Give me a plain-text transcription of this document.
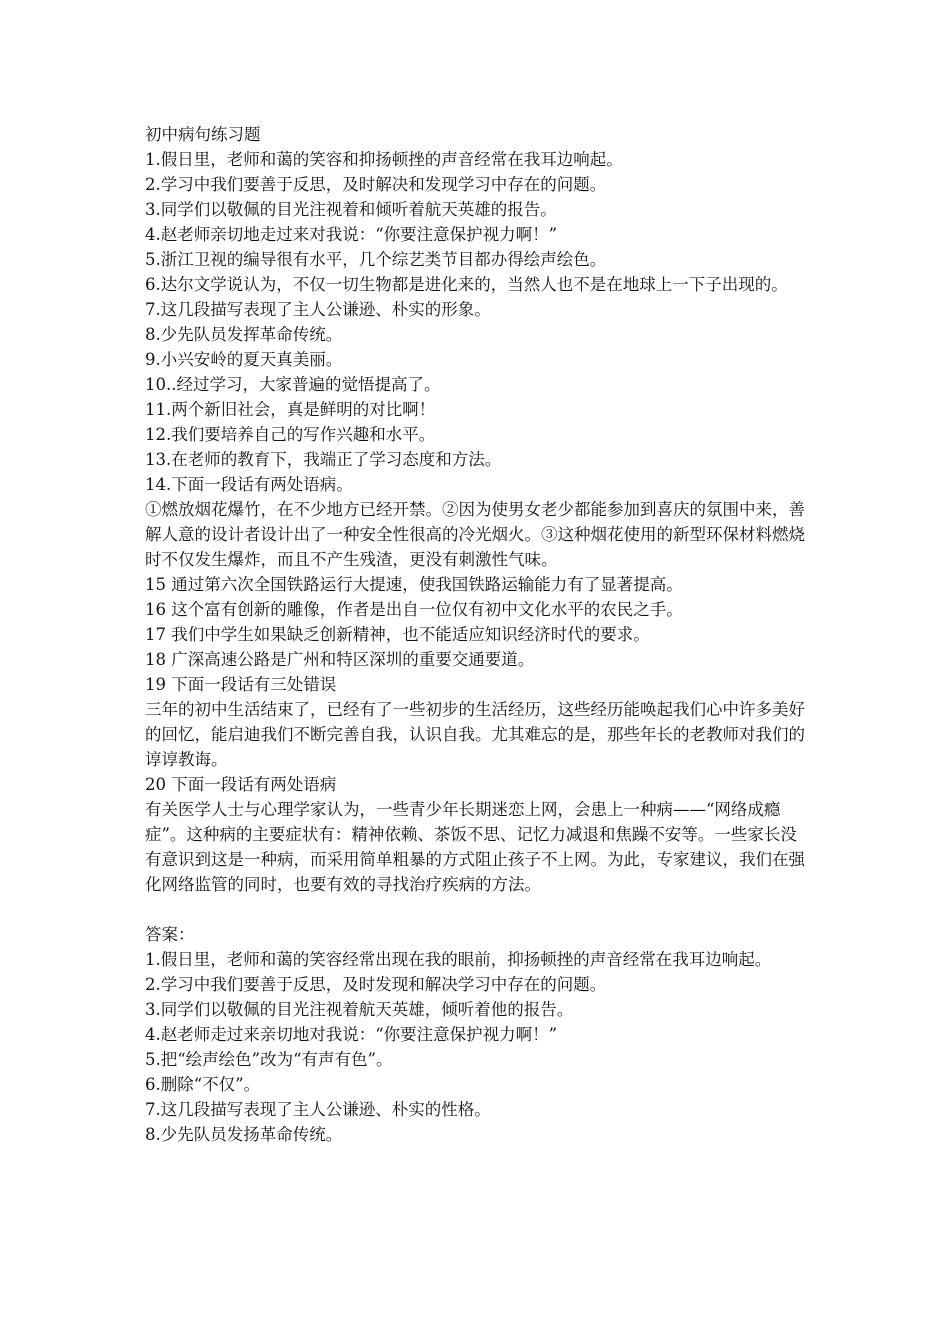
初中病句练习题

1.假日里，老师和蔼的笑容和抑扬顿挫的声音经常在我耳边响起。

2.学习中我们要善于反思，及时解决和发现学习中存在的问题。

3.同学们以敬佩的目光注视着和倾听着航天英雄的报告。

4.赵老师亲切地走过来对我说：“你要注意保护视力啊！”

5.浙江卫视的编导很有水平，几个综艺类节目都办得绘声绘色。

6.达尔文学说认为，不仅一切生物都是进化来的，当然人也不是在地球上一下子出现的。

7.这几段描写表现了主人公谦逊、朴实的形象。

8.少先队员发挥革命传统。

9.小兴安岭的夏天真美丽。

10..经过学习，大家普遍的觉悟提高了。

11.两个新旧社会，真是鲜明的对比啊！

12.我们要培养自己的写作兴趣和水平。

13.在老师的教育下，我端正了学习态度和方法。

14.下面一段话有两处语病。

①燃放烟花爆竹，在不少地方已经开禁。②因为使男女老少都能参加到喜庆的氛围中来，善解人意的设计者设计出了一种安全性很高的冷光烟火。③这种烟花使用的新型环保材料燃烧时不仅发生爆炸，而且不产生残渣，更没有刺激性气味。

15 通过第六次全国铁路运行大提速，使我国铁路运输能力有了显著提高。

16 这个富有创新的雕像，作者是出自一位仅有初中文化水平的农民之手。

17 我们中学生如果缺乏创新精神，也不能适应知识经济时代的要求。

18 广深高速公路是广州和特区深圳的重要交通要道。

19 下面一段话有三处错误

三年的初中生活结束了，已经有了一些初步的生活经历，这些经历能唤起我们心中许多美好的回忆，能启迪我们不断完善自我，认识自我。尤其难忘的是，那些年长的老教师对我们的谆谆教诲。

20 下面一段话有两处语病

有关医学人士与心理学家认为，一些青少年长期迷恋上网，会患上一种病——“网络成瘾症”。这种病的主要症状有：精神依赖、茶饭不思、记忆力减退和焦躁不安等。一些家长没有意识到这是一种病，而采用简单粗暴的方式阻止孩子不上网。为此，专家建议，我们在强化网络监管的同时，也要有效的寻找治疗疾病的方法。

答案：

1.假日里，老师和蔼的笑容经常出现在我的眼前，抑扬顿挫的声音经常在我耳边响起。

2.学习中我们要善于反思，及时发现和解决学习中存在的问题。

3.同学们以敬佩的目光注视着航天英雄，倾听着他的报告。

4.赵老师走过来亲切地对我说：“你要注意保护视力啊！”

5.把“绘声绘色”改为“有声有色”。

6.删除“不仅”。

7.这几段描写表现了主人公谦逊、朴实的性格。

8.少先队员发扬革命传统。
